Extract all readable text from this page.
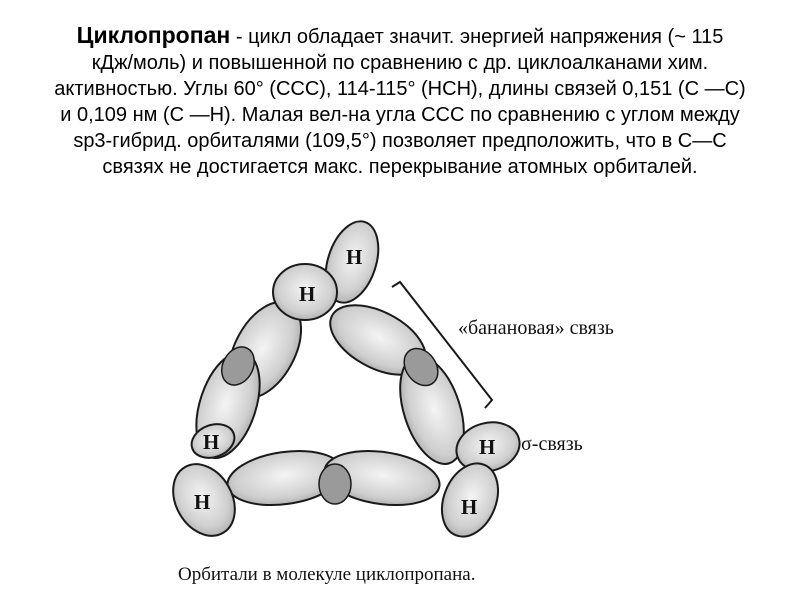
Циклопропан - цикл обладает значит. энергией напряжения (~ 115
кДж/моль) и повышенной по сравнению с др. циклоалканами хим.
активностью. Углы 60° (ССС), 114-115° (НСН), длины связей 0,151 (С —С)
и 0,109 нм (С —Н). Малая вел-на угла ССС по сравнению с углом между
sp3-гибрид. орбиталями (109,5°) позволяет предположить, что в С—С
связях не достигается макс. перекрывание атомных орбиталей.
Н
Н
Н
Н
Н
Н
«банановая» связь
σ-связь
Орбитали в молекуле циклопропана.
